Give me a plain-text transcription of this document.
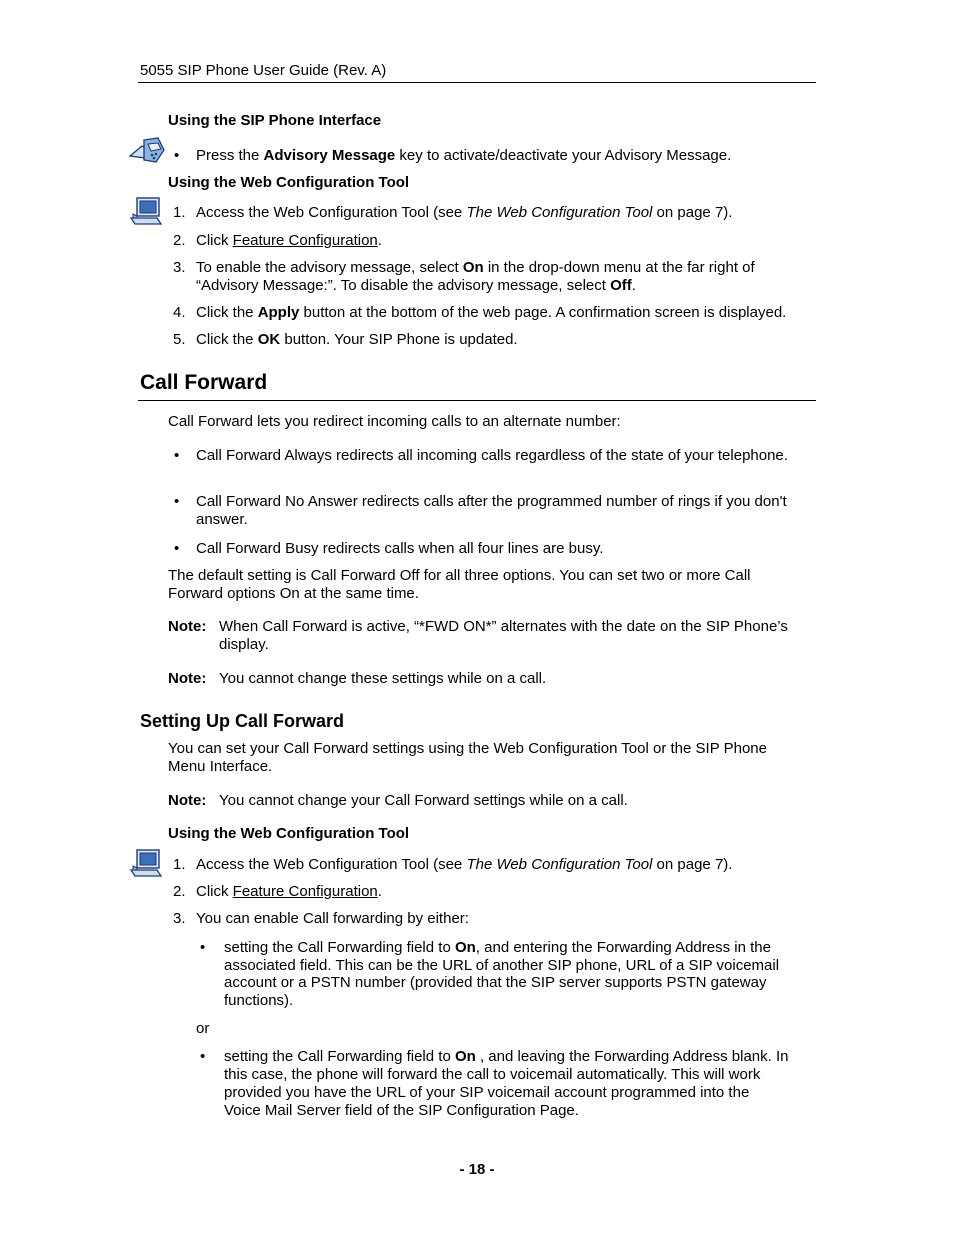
5055 SIP Phone User Guide (Rev. A)
Using the SIP Phone Interface
• Press the Advisory Message key to activate/deactivate your Advisory Message.
Using the Web Configuration Tool
1. Access the Web Configuration Tool (see The Web Configuration Tool on page 7).
2. Click Feature Configuration.
3. To enable the advisory message, select On in the drop-down menu at the far right of
“Advisory Message:”. To disable the advisory message, select Off.
4. Click the Apply button at the bottom of the web page. A confirmation screen is displayed.
5. Click the OK button. Your SIP Phone is updated.
Call Forward
Call Forward lets you redirect incoming calls to an alternate number:
• Call Forward Always redirects all incoming calls regardless of the state of your telephone.
• Call Forward No Answer redirects calls after the programmed number of rings if you don't
answer.
• Call Forward Busy redirects calls when all four lines are busy.
The default setting is Call Forward Off for all three options. You can set two or more Call
Forward options On at the same time.
Note: When Call Forward is active, “*FWD ON*” alternates with the date on the SIP Phone’s
display.
Note: You cannot change these settings while on a call.
Setting Up Call Forward
You can set your Call Forward settings using the Web Configuration Tool or the SIP Phone
Menu Interface.
Note: You cannot change your Call Forward settings while on a call.
Using the Web Configuration Tool
1. Access the Web Configuration Tool (see The Web Configuration Tool on page 7).
2. Click Feature Configuration.
3. You can enable Call forwarding by either:
• setting the Call Forwarding field to On, and entering the Forwarding Address in the
associated field. This can be the URL of another SIP phone, URL of a SIP voicemail
account or a PSTN number (provided that the SIP server supports PSTN gateway
functions).
or
• setting the Call Forwarding field to On , and leaving the Forwarding Address blank. In
this case, the phone will forward the call to voicemail automatically. This will work
provided you have the URL of your SIP voicemail account programmed into the
Voice Mail Server field of the SIP Configuration Page.
- 18 -
